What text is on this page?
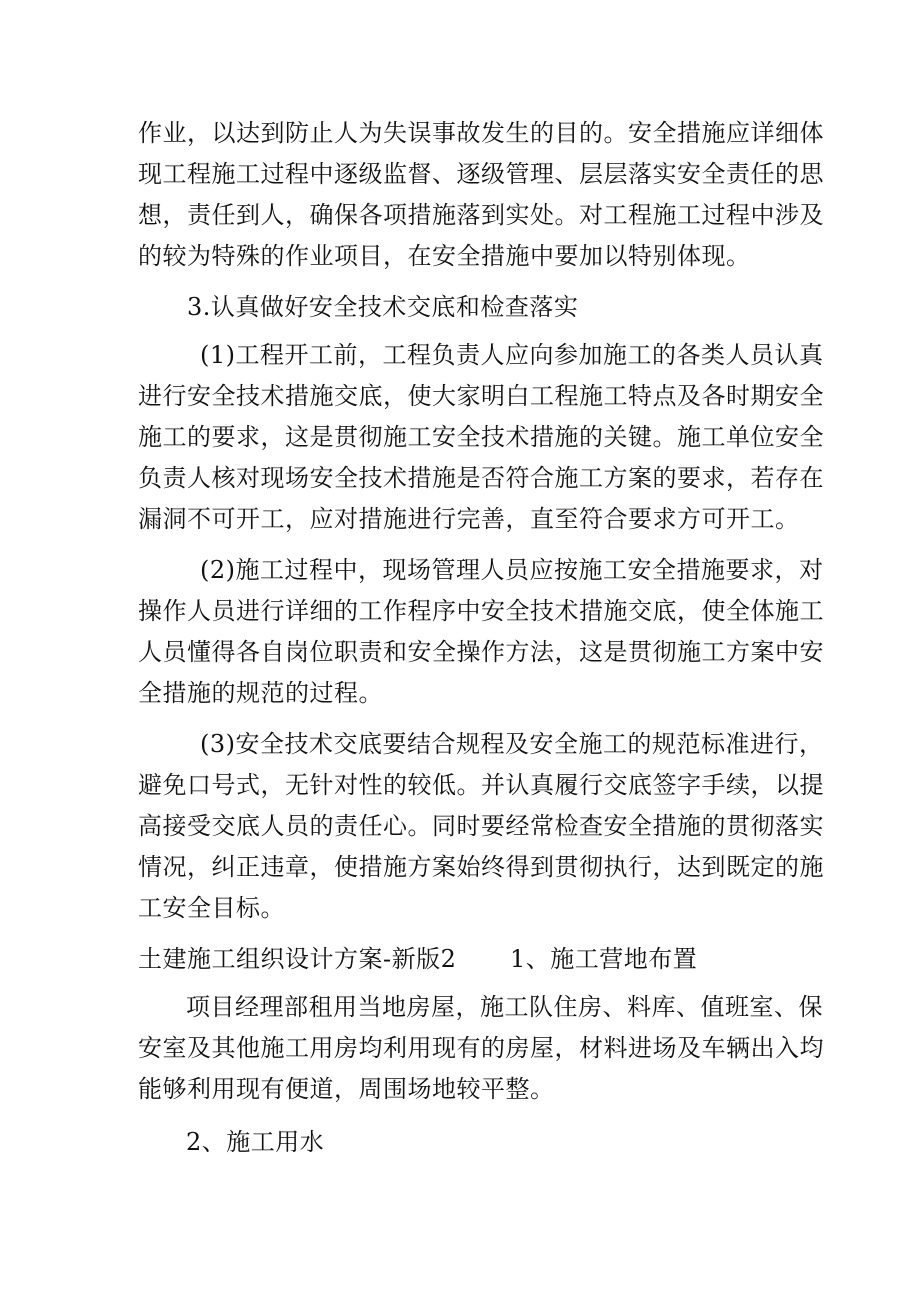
作业，以达到防止人为失误事故发生的目的。安全措施应详细体
现工程施工过程中逐级监督、逐级管理、层层落实安全责任的思
想，责任到人，确保各项措施落到实处。对工程施工过程中涉及
的较为特殊的作业项目，在安全措施中要加以特别体现。
3.认真做好安全技术交底和检查落实
(1)工程开工前，工程负责人应向参加施工的各类人员认真
进行安全技术措施交底，使大家明白工程施工特点及各时期安全
施工的要求，这是贯彻施工安全技术措施的关键。施工单位安全
负责人核对现场安全技术措施是否符合施工方案的要求，若存在
漏洞不可开工，应对措施进行完善，直至符合要求方可开工。
(2)施工过程中，现场管理人员应按施工安全措施要求，对
操作人员进行详细的工作程序中安全技术措施交底，使全体施工
人员懂得各自岗位职责和安全操作方法，这是贯彻施工方案中安
全措施的规范的过程。
(3)安全技术交底要结合规程及安全施工的规范标准进行，
避免口号式，无针对性的较低。并认真履行交底签字手续，以提
高接受交底人员的责任心。同时要经常检查安全措施的贯彻落实
情况，纠正违章，使措施方案始终得到贯彻执行，达到既定的施
工安全目标。
土建施工组织设计方案-新版2 1、施工营地布置
项目经理部租用当地房屋，施工队住房、料库、值班室、保
安室及其他施工用房均利用现有的房屋，材料进场及车辆出入均
能够利用现有便道，周围场地较平整。
2、施工用水
